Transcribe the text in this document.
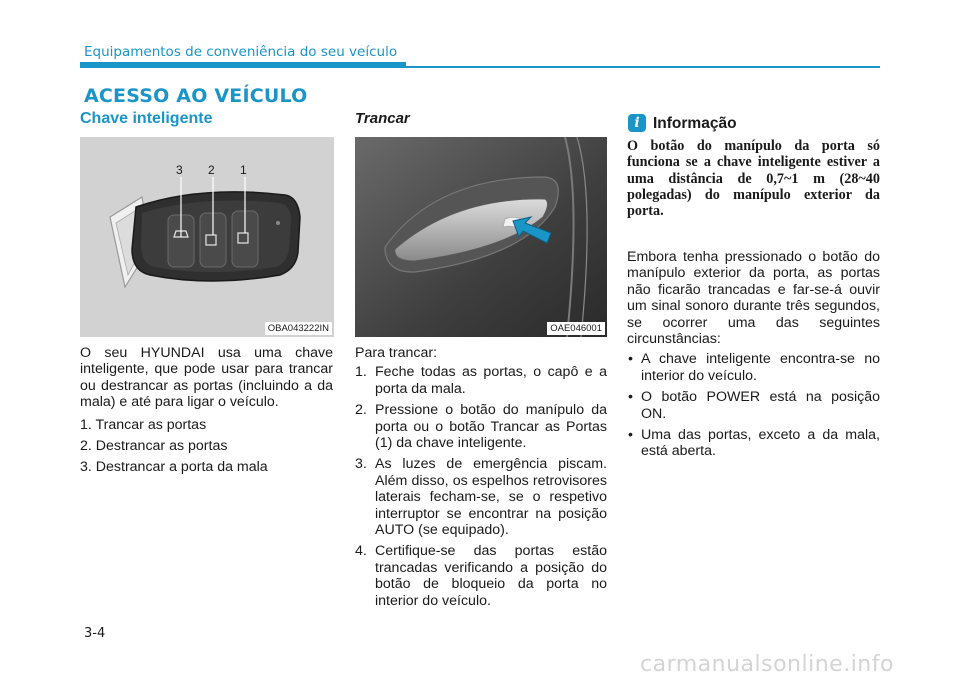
Equipamentos de conveniência do seu veículo
ACESSO AO VEÍCULO
Chave inteligente
3 2 1
OBA043222IN

O seu HYUNDAI usa uma chave inteligente, que pode usar para trancar ou destrancar as portas (incluindo a da mala) e até para ligar o veículo.

1. Trancar as portas
2. Destrancar as portas
3. Destrancar a porta da mala
Trancar
OAE046001

Para trancar:

1. Feche todas as portas, o capô e a porta da mala.
2. Pressione o botão do manípulo da porta ou o botão Trancar as Portas (1) da chave inteligente.
3. As luzes de emergência piscam. Além disso, os espelhos retrovisores laterais fecham-se, se o respetivo interruptor se encontrar na posição AUTO (se equipado).
4. Certifique-se das portas estão trancadas verificando a posição do botão de bloqueio da porta no interior do veículo.
i Informação
O botão do manípulo da porta só funciona se a chave inteligente estiver a uma distância de 0,7~1 m (28~40 polegadas) do manípulo exterior da porta.

Embora tenha pressionado o botão do manípulo exterior da porta, as portas não ficarão trancadas e far-se-á ouvir um sinal sonoro durante três segundos, se ocorrer uma das seguintes circunstâncias:

• A chave inteligente encontra-se no interior do veículo.
• O botão POWER está na posição ON.
• Uma das portas, exceto a da mala, está aberta.
3-4
carmanualsonline.info
